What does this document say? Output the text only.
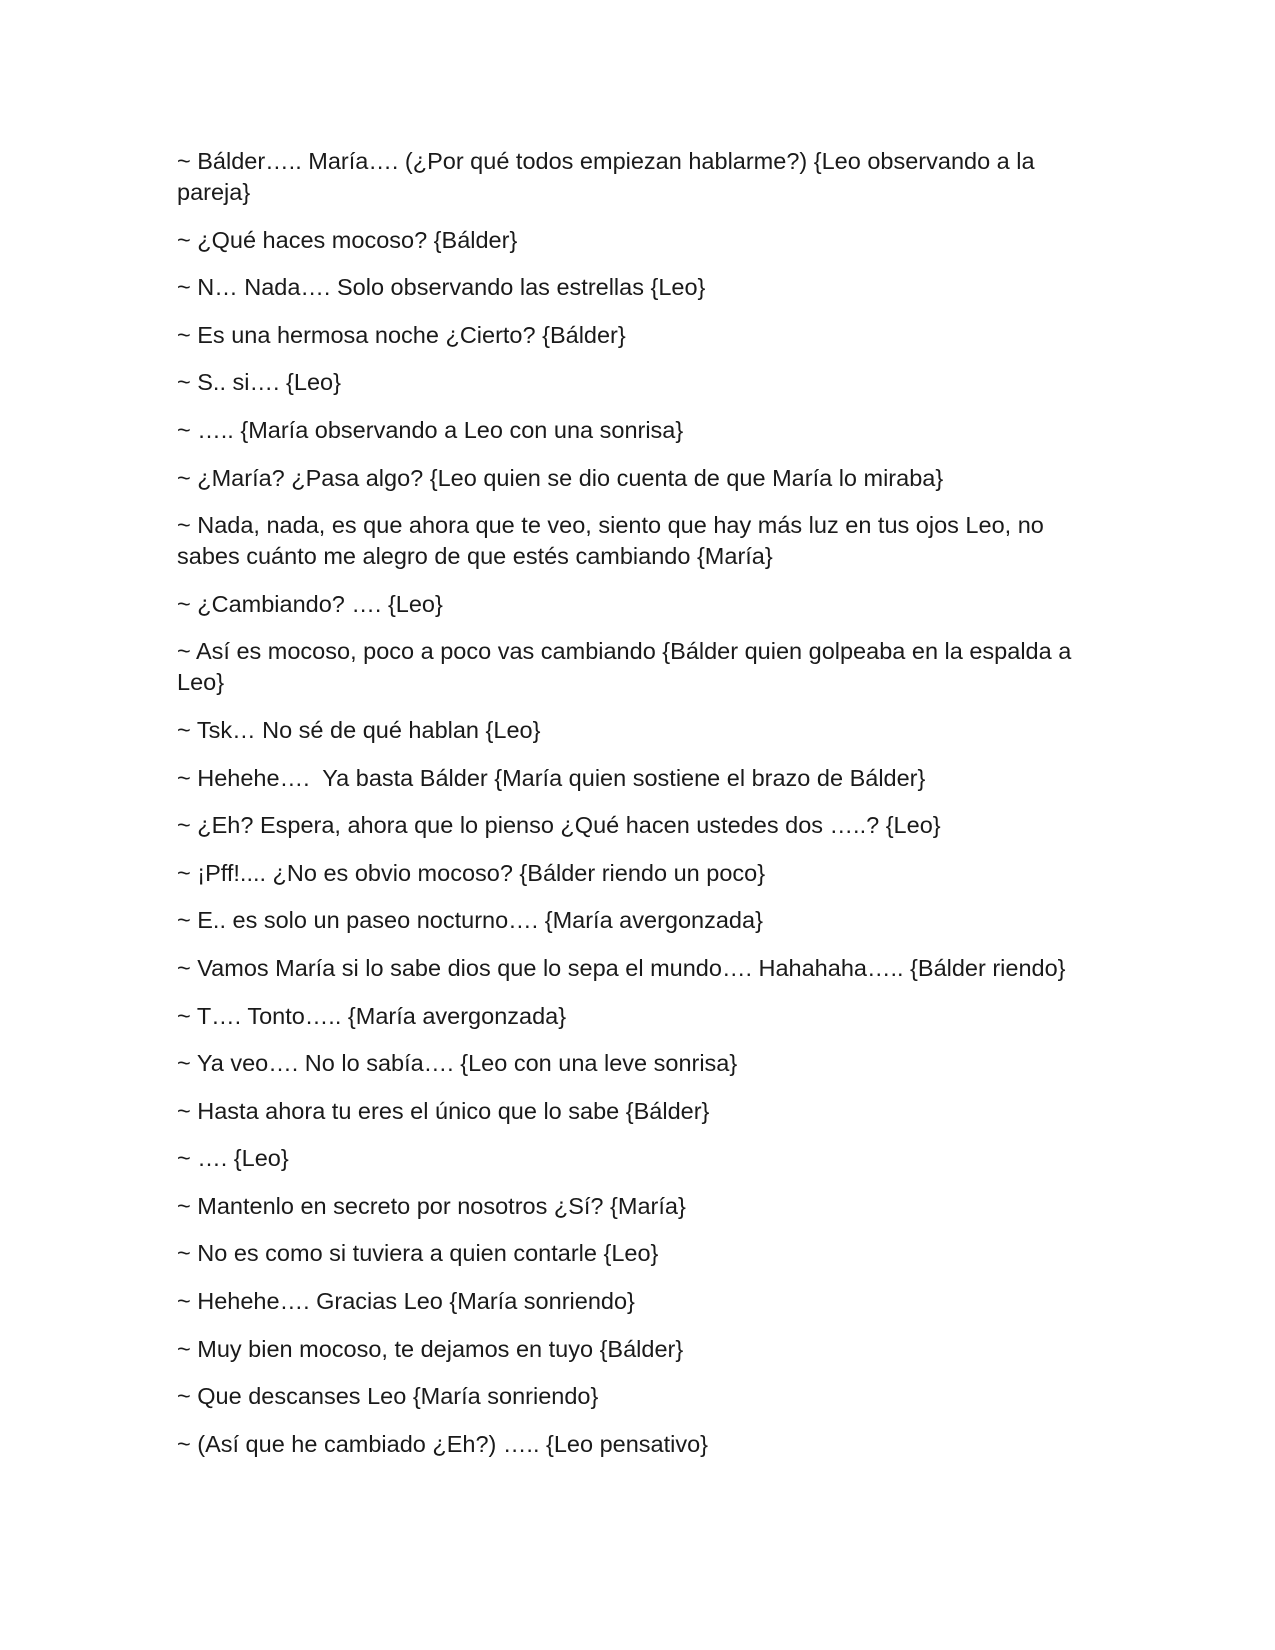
~ Bálder….. María…. (¿Por qué todos empiezan hablarme?) {Leo observando a la pareja}

~ ¿Qué haces mocoso? {Bálder}

~ N… Nada…. Solo observando las estrellas {Leo}

~ Es una hermosa noche ¿Cierto? {Bálder}

~ S.. si…. {Leo}

~ ….. {María observando a Leo con una sonrisa}

~ ¿María? ¿Pasa algo? {Leo quien se dio cuenta de que María lo miraba}

~ Nada, nada, es que ahora que te veo, siento que hay más luz en tus ojos Leo, no sabes cuánto me alegro de que estés cambiando {María}

~ ¿Cambiando? …. {Leo}

~ Así es mocoso, poco a poco vas cambiando {Bálder quien golpeaba en la espalda a Leo}

~ Tsk… No sé de qué hablan {Leo}

~ Hehehe….  Ya basta Bálder {María quien sostiene el brazo de Bálder}

~ ¿Eh? Espera, ahora que lo pienso ¿Qué hacen ustedes dos …..? {Leo}

~ ¡Pff!.... ¿No es obvio mocoso? {Bálder riendo un poco}

~ E.. es solo un paseo nocturno…. {María avergonzada}

~ Vamos María si lo sabe dios que lo sepa el mundo…. Hahahaha….. {Bálder riendo}

~ T…. Tonto….. {María avergonzada}

~ Ya veo…. No lo sabía…. {Leo con una leve sonrisa}

~ Hasta ahora tu eres el único que lo sabe {Bálder}

~ …. {Leo}

~ Mantenlo en secreto por nosotros ¿Sí? {María}

~ No es como si tuviera a quien contarle {Leo}

~ Hehehe…. Gracias Leo {María sonriendo}

~ Muy bien mocoso, te dejamos en tuyo {Bálder}

~ Que descanses Leo {María sonriendo}

~ (Así que he cambiado ¿Eh?) ….. {Leo pensativo}
